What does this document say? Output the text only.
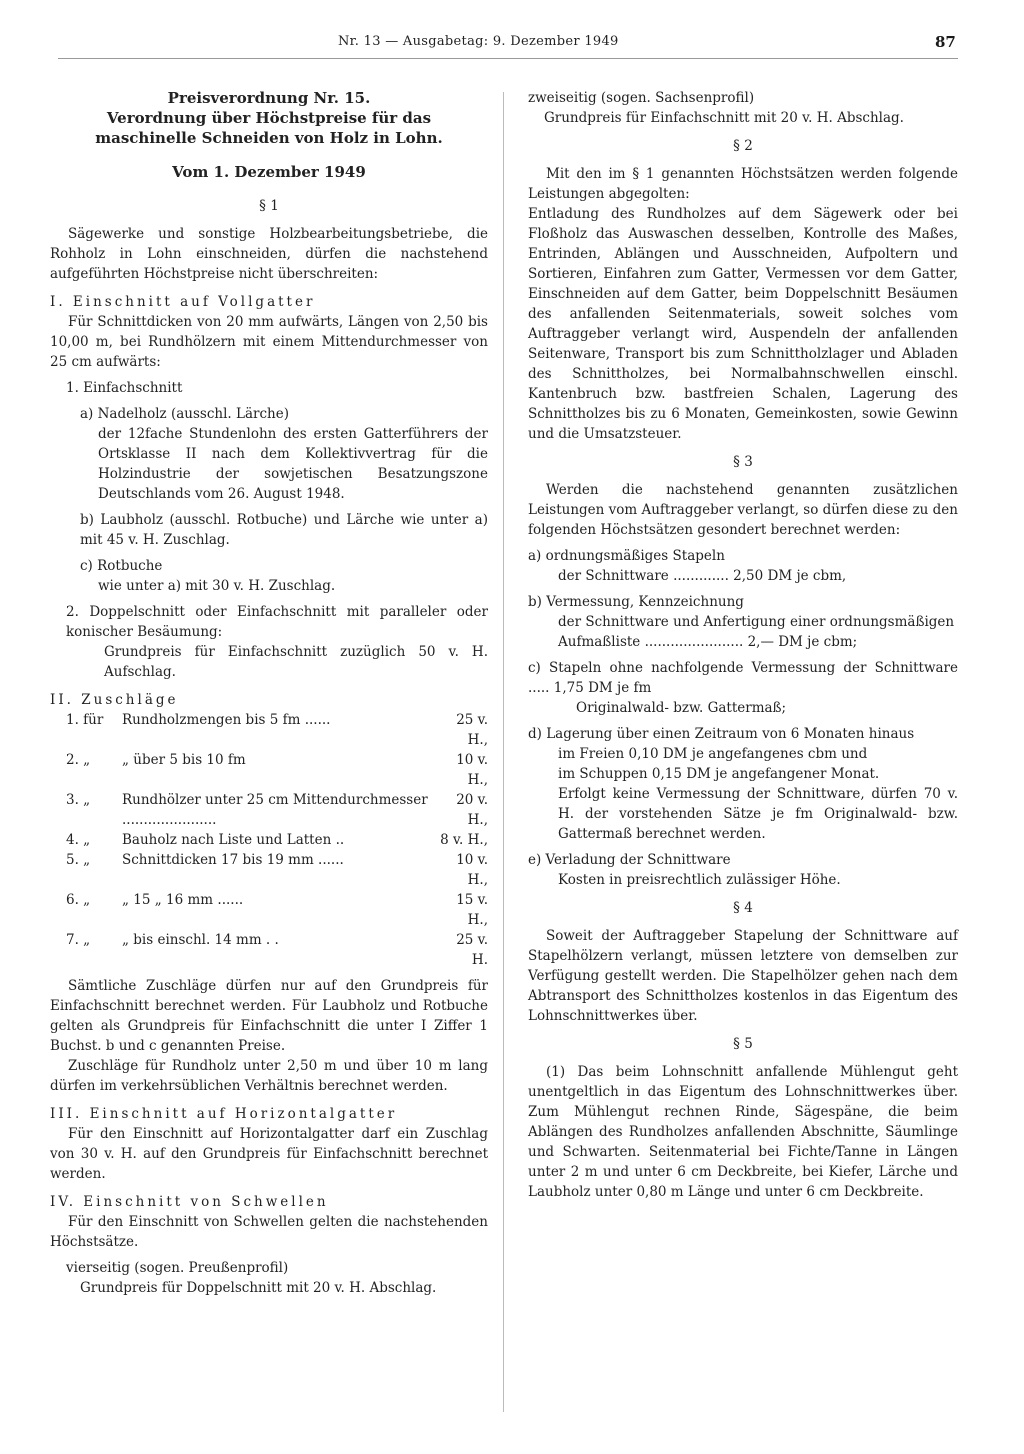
Nr. 13 — Ausgabetag: 9. Dezember 1949	87
Preisverordnung Nr. 15.
Verordnung über Höchstpreise für das
maschinelle Schneiden von Holz in Lohn.
Vom 1. Dezember 1949
§ 1

Sägewerke und sonstige Holzbearbeitungsbetriebe, die Rohholz in Lohn einschneiden, dürfen die nachstehend aufgeführten Höchstpreise nicht überschreiten:

I. Einschnitt auf Vollgatter

Für Schnittdicken von 20 mm aufwärts, Längen von 2,50 bis 10,00 m, bei Rundhölzern mit einem Mittendurchmesser von 25 cm aufwärts:

1. Einfachschnitt

a) Nadelholz (ausschl. Lärche)

der 12fache Stundenlohn des ersten Gatterführers der Ortsklasse II nach dem Kollektivvertrag für die Holzindustrie der sowjetischen Besatzungszone Deutschlands vom 26. August 1948.

b) Laubholz (ausschl. Rotbuche) und Lärche wie unter a) mit 45 v. H. Zuschlag.

c) Rotbuche

wie unter a) mit 30 v. H. Zuschlag.

2. Doppelschnitt oder Einfachschnitt mit paralleler oder konischer Besäumung:

Grundpreis für Einfachschnitt zuzüglich 50 v. H. Aufschlag.

II. Zuschläge

1. für	Rundholzmengen bis 5 fm ......	25 v. H.,
2. „	„ über 5 bis 10 fm	10 v. H.,
3. „	Rundhölzer unter 25 cm Mittendurchmesser ......................
20 v. H.,
4. „	Bauholz nach Liste und Latten ..	8 v. H.,
5. „	Schnittdicken 17 bis 19 mm ......	10 v. H.,
6. „	„ 15 „ 16 mm ......	15 v. H.,
7. „	„ bis einschl. 14 mm . .	25 v. H.

Sämtliche Zuschläge dürfen nur auf den Grundpreis für Einfachschnitt berechnet werden. Für Laubholz und Rotbuche gelten als Grundpreis für Einfachschnitt die unter I Ziffer 1 Buchst. b und c genannten Preise.

Zuschläge für Rundholz unter 2,50 m und über 10 m lang dürfen im verkehrsüblichen Verhältnis berechnet werden.

III. Einschnitt auf Horizontalgatter

Für den Einschnitt auf Horizontalgatter darf ein Zuschlag von 30 v. H. auf den Grundpreis für Einfachschnitt berechnet werden.

IV. Einschnitt von Schwellen

Für den Einschnitt von Schwellen gelten die nachstehenden Höchstsätze.

vierseitig (sogen. Preußenprofil)

Grundpreis für Doppelschnitt mit 20 v. H. Abschlag.

zweiseitig (sogen. Sachsenprofil)

Grundpreis für Einfachschnitt mit 20 v. H. Abschlag.

§ 2

Mit den im § 1 genannten Höchstsätzen werden folgende Leistungen abgegolten:

Entladung des Rundholzes auf dem Sägewerk oder bei Floßholz das Auswaschen desselben, Kontrolle des Maßes, Entrinden, Ablängen und Ausschneiden, Aufpoltern und Sortieren, Einfahren zum Gatter, Vermessen vor dem Gatter, Einschneiden auf dem Gatter, beim Doppelschnitt Besäumen des anfallenden Seitenmaterials, soweit solches vom Auftraggeber verlangt wird, Auspendeln der anfallenden Seitenware, Transport bis zum Schnittholzlager und Abladen des Schnittholzes, bei Normalbahnschwellen einschl. Kantenbruch bzw. bastfreien Schalen, Lagerung des Schnittholzes bis zu 6 Monaten, Gemeinkosten, sowie Gewinn und die Umsatzsteuer.

§ 3

Werden die nachstehend genannten zusätzlichen Leistungen vom Auftraggeber verlangt, so dürfen diese zu den folgenden Höchstsätzen gesondert berechnet werden:

a) ordnungsmäßiges Stapeln

der Schnittware ............. 2,50 DM je cbm,

b) Vermessung, Kennzeichnung

der Schnittware und Anfertigung einer ordnungsmäßigen

Aufmaßliste ....................... 2,— DM je cbm;

c) Stapeln ohne nachfolgende Vermessung der Schnittware ..... 1,75 DM je fm

Originalwald- bzw. Gattermaß;

d) Lagerung über einen Zeitraum von 6 Monaten hinaus

im Freien 0,10 DM je angefangenes cbm und

im Schuppen 0,15 DM je angefangener Monat.

Erfolgt keine Vermessung der Schnittware, dürfen 70 v. H. der vorstehenden Sätze je fm Originalwald- bzw. Gattermaß berechnet werden.

e) Verladung der Schnittware

Kosten in preisrechtlich zulässiger Höhe.

§ 4

Soweit der Auftraggeber Stapelung der Schnittware auf Stapelhölzern verlangt, müssen letztere von demselben zur Verfügung gestellt werden. Die Stapelhölzer gehen nach dem Abtransport des Schnittholzes kostenlos in das Eigentum des Lohnschnittwerkes über.

§ 5

(1) Das beim Lohnschnitt anfallende Mühlengut geht unentgeltlich in das Eigentum des Lohnschnittwerkes über. Zum Mühlengut rechnen Rinde, Sägespäne, die beim Ablängen des Rundholzes anfallenden Abschnitte, Säumlinge und Schwarten. Seitenmaterial bei Fichte/Tanne in Längen unter 2 m und unter 6 cm Deckbreite, bei Kiefer, Lärche und Laubholz unter 0,80 m Länge und unter 6 cm Deckbreite.
